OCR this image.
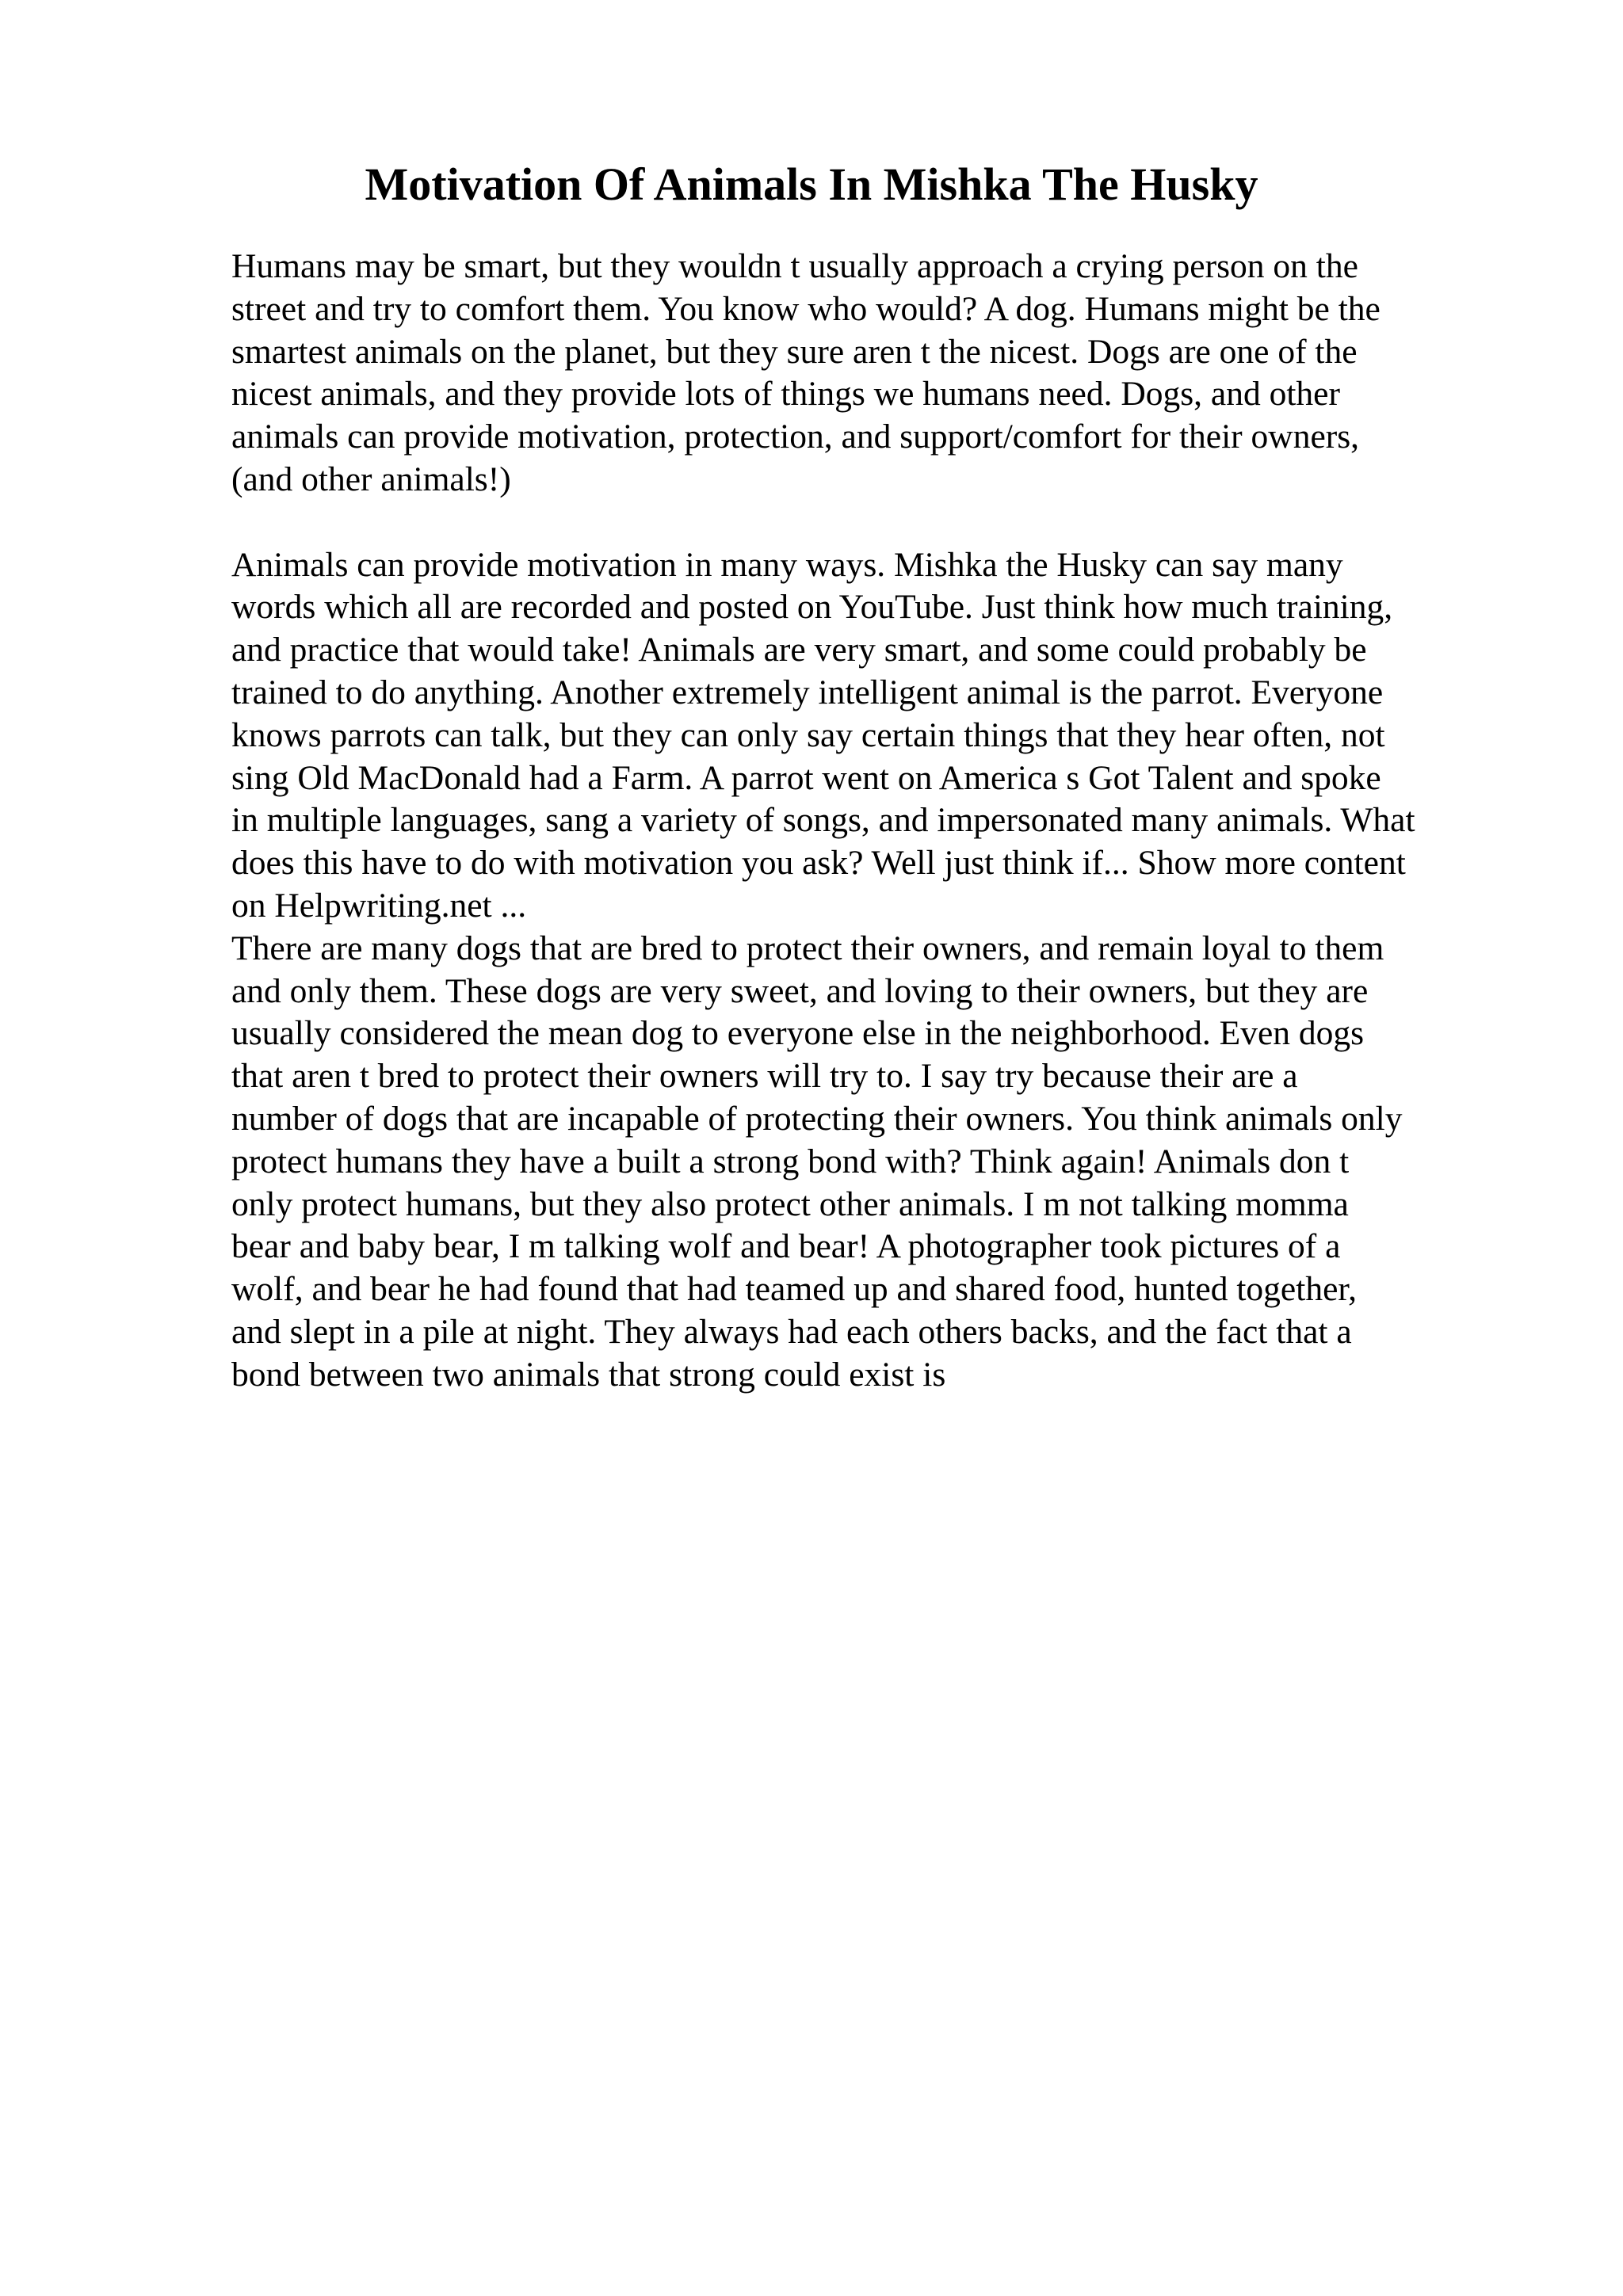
Motivation Of Animals In Mishka The Husky
Humans may be smart, but they wouldn t usually approach a crying person on the
street and try to comfort them. You know who would? A dog. Humans might be the
smartest animals on the planet, but they sure aren t the nicest. Dogs are one of the
nicest animals, and they provide lots of things we humans need. Dogs, and other
animals can provide motivation, protection, and support/comfort for their owners,
(and other animals!)
Animals can provide motivation in many ways. Mishka the Husky can say many
words which all are recorded and posted on YouTube. Just think how much training,
and practice that would take! Animals are very smart, and some could probably be
trained to do anything. Another extremely intelligent animal is the parrot. Everyone
knows parrots can talk, but they can only say certain things that they hear often, not
sing Old MacDonald had a Farm. A parrot went on America s Got Talent and spoke
in multiple languages, sang a variety of songs, and impersonated many animals. What
does this have to do with motivation you ask? Well just think if... Show more content
on Helpwriting.net ...
There are many dogs that are bred to protect their owners, and remain loyal to them
and only them. These dogs are very sweet, and loving to their owners, but they are
usually considered the mean dog to everyone else in the neighborhood. Even dogs
that aren t bred to protect their owners will try to. I say try because their are a
number of dogs that are incapable of protecting their owners. You think animals only
protect humans they have a built a strong bond with? Think again! Animals don t
only protect humans, but they also protect other animals. I m not talking momma
bear and baby bear, I m talking wolf and bear! A photographer took pictures of a
wolf, and bear he had found that had teamed up and shared food, hunted together,
and slept in a pile at night. They always had each others backs, and the fact that a
bond between two animals that strong could exist is
